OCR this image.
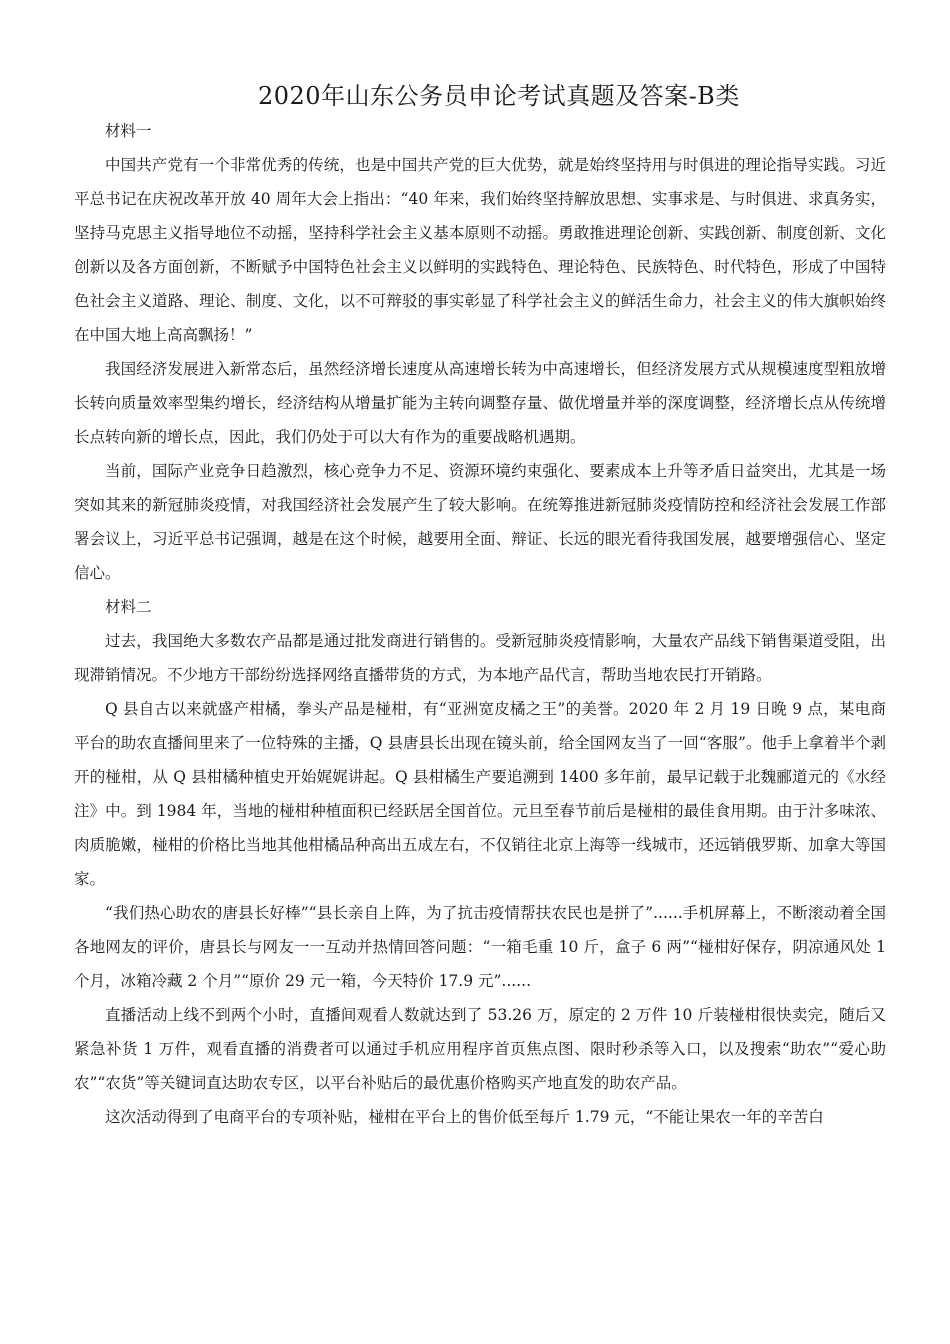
2020年山东公务员申论考试真题及答案-B类

材料一

中国共产党有一个非常优秀的传统，也是中国共产党的巨大优势，就是始终坚持用与时俱进的理论指导实践。习近平总书记在庆祝改革开放 40 周年大会上指出：“40 年来，我们始终坚持解放思想、实事求是、与时俱进、求真务实，坚持马克思主义指导地位不动摇，坚持科学社会主义基本原则不动摇。勇敢推进理论创新、实践创新、制度创新、文化创新以及各方面创新，不断赋予中国特色社会主义以鲜明的实践特色、理论特色、民族特色、时代特色，形成了中国特色社会主义道路、理论、制度、文化，以不可辩驳的事实彰显了科学社会主义的鲜活生命力，社会主义的伟大旗帜始终在中国大地上高高飘扬！”

我国经济发展进入新常态后，虽然经济增长速度从高速增长转为中高速增长，但经济发展方式从规模速度型粗放增长转向质量效率型集约增长，经济结构从增量扩能为主转向调整存量、做优增量并举的深度调整，经济增长点从传统增长点转向新的增长点，因此，我们仍处于可以大有作为的重要战略机遇期。

当前，国际产业竞争日趋激烈，核心竞争力不足、资源环境约束强化、要素成本上升等矛盾日益突出，尤其是一场突如其来的新冠肺炎疫情，对我国经济社会发展产生了较大影响。在统筹推进新冠肺炎疫情防控和经济社会发展工作部署会议上，习近平总书记强调，越是在这个时候，越要用全面、辩证、长远的眼光看待我国发展，越要增强信心、坚定信心。

材料二

过去，我国绝大多数农产品都是通过批发商进行销售的。受新冠肺炎疫情影响，大量农产品线下销售渠道受阻，出现滞销情况。不少地方干部纷纷选择网络直播带货的方式，为本地产品代言，帮助当地农民打开销路。

Q 县自古以来就盛产柑橘，拳头产品是椪柑，有“亚洲宽皮橘之王”的美誉。2020 年 2 月 19 日晚 9 点，某电商平台的助农直播间里来了一位特殊的主播，Q 县唐县长出现在镜头前，给全国网友当了一回“客服”。他手上拿着半个剥开的椪柑，从 Q 县柑橘种植史开始娓娓讲起。Q 县柑橘生产要追溯到 1400 多年前，最早记载于北魏郦道元的《水经注》中。到 1984 年，当地的椪柑种植面积已经跃居全国首位。元旦至春节前后是椪柑的最佳食用期。由于汁多味浓、肉质脆嫩，椪柑的价格比当地其他柑橘品种高出五成左右，不仅销往北京上海等一线城市，还远销俄罗斯、加拿大等国家。

“我们热心助农的唐县长好棒”“县长亲自上阵，为了抗击疫情帮扶农民也是拼了”......手机屏幕上，不断滚动着全国各地网友的评价，唐县长与网友一一互动并热情回答问题：“一箱毛重 10 斤，盒子 6 两”“椪柑好保存，阴凉通风处 1 个月，冰箱冷藏 2 个月”“原价 29 元一箱，今天特价 17.9 元”......

直播活动上线不到两个小时，直播间观看人数就达到了 53.26 万，原定的 2 万件 10 斤装椪柑很快卖完，随后又紧急补货 1 万件，观看直播的消费者可以通过手机应用程序首页焦点图、限时秒杀等入口，以及搜索“助农”“爱心助农”“农货”等关键词直达助农专区，以平台补贴后的最优惠价格购买产地直发的助农产品。

这次活动得到了电商平台的专项补贴，椪柑在平台上的售价低至每斤 1.79 元，“不能让果农一年的辛苦白
